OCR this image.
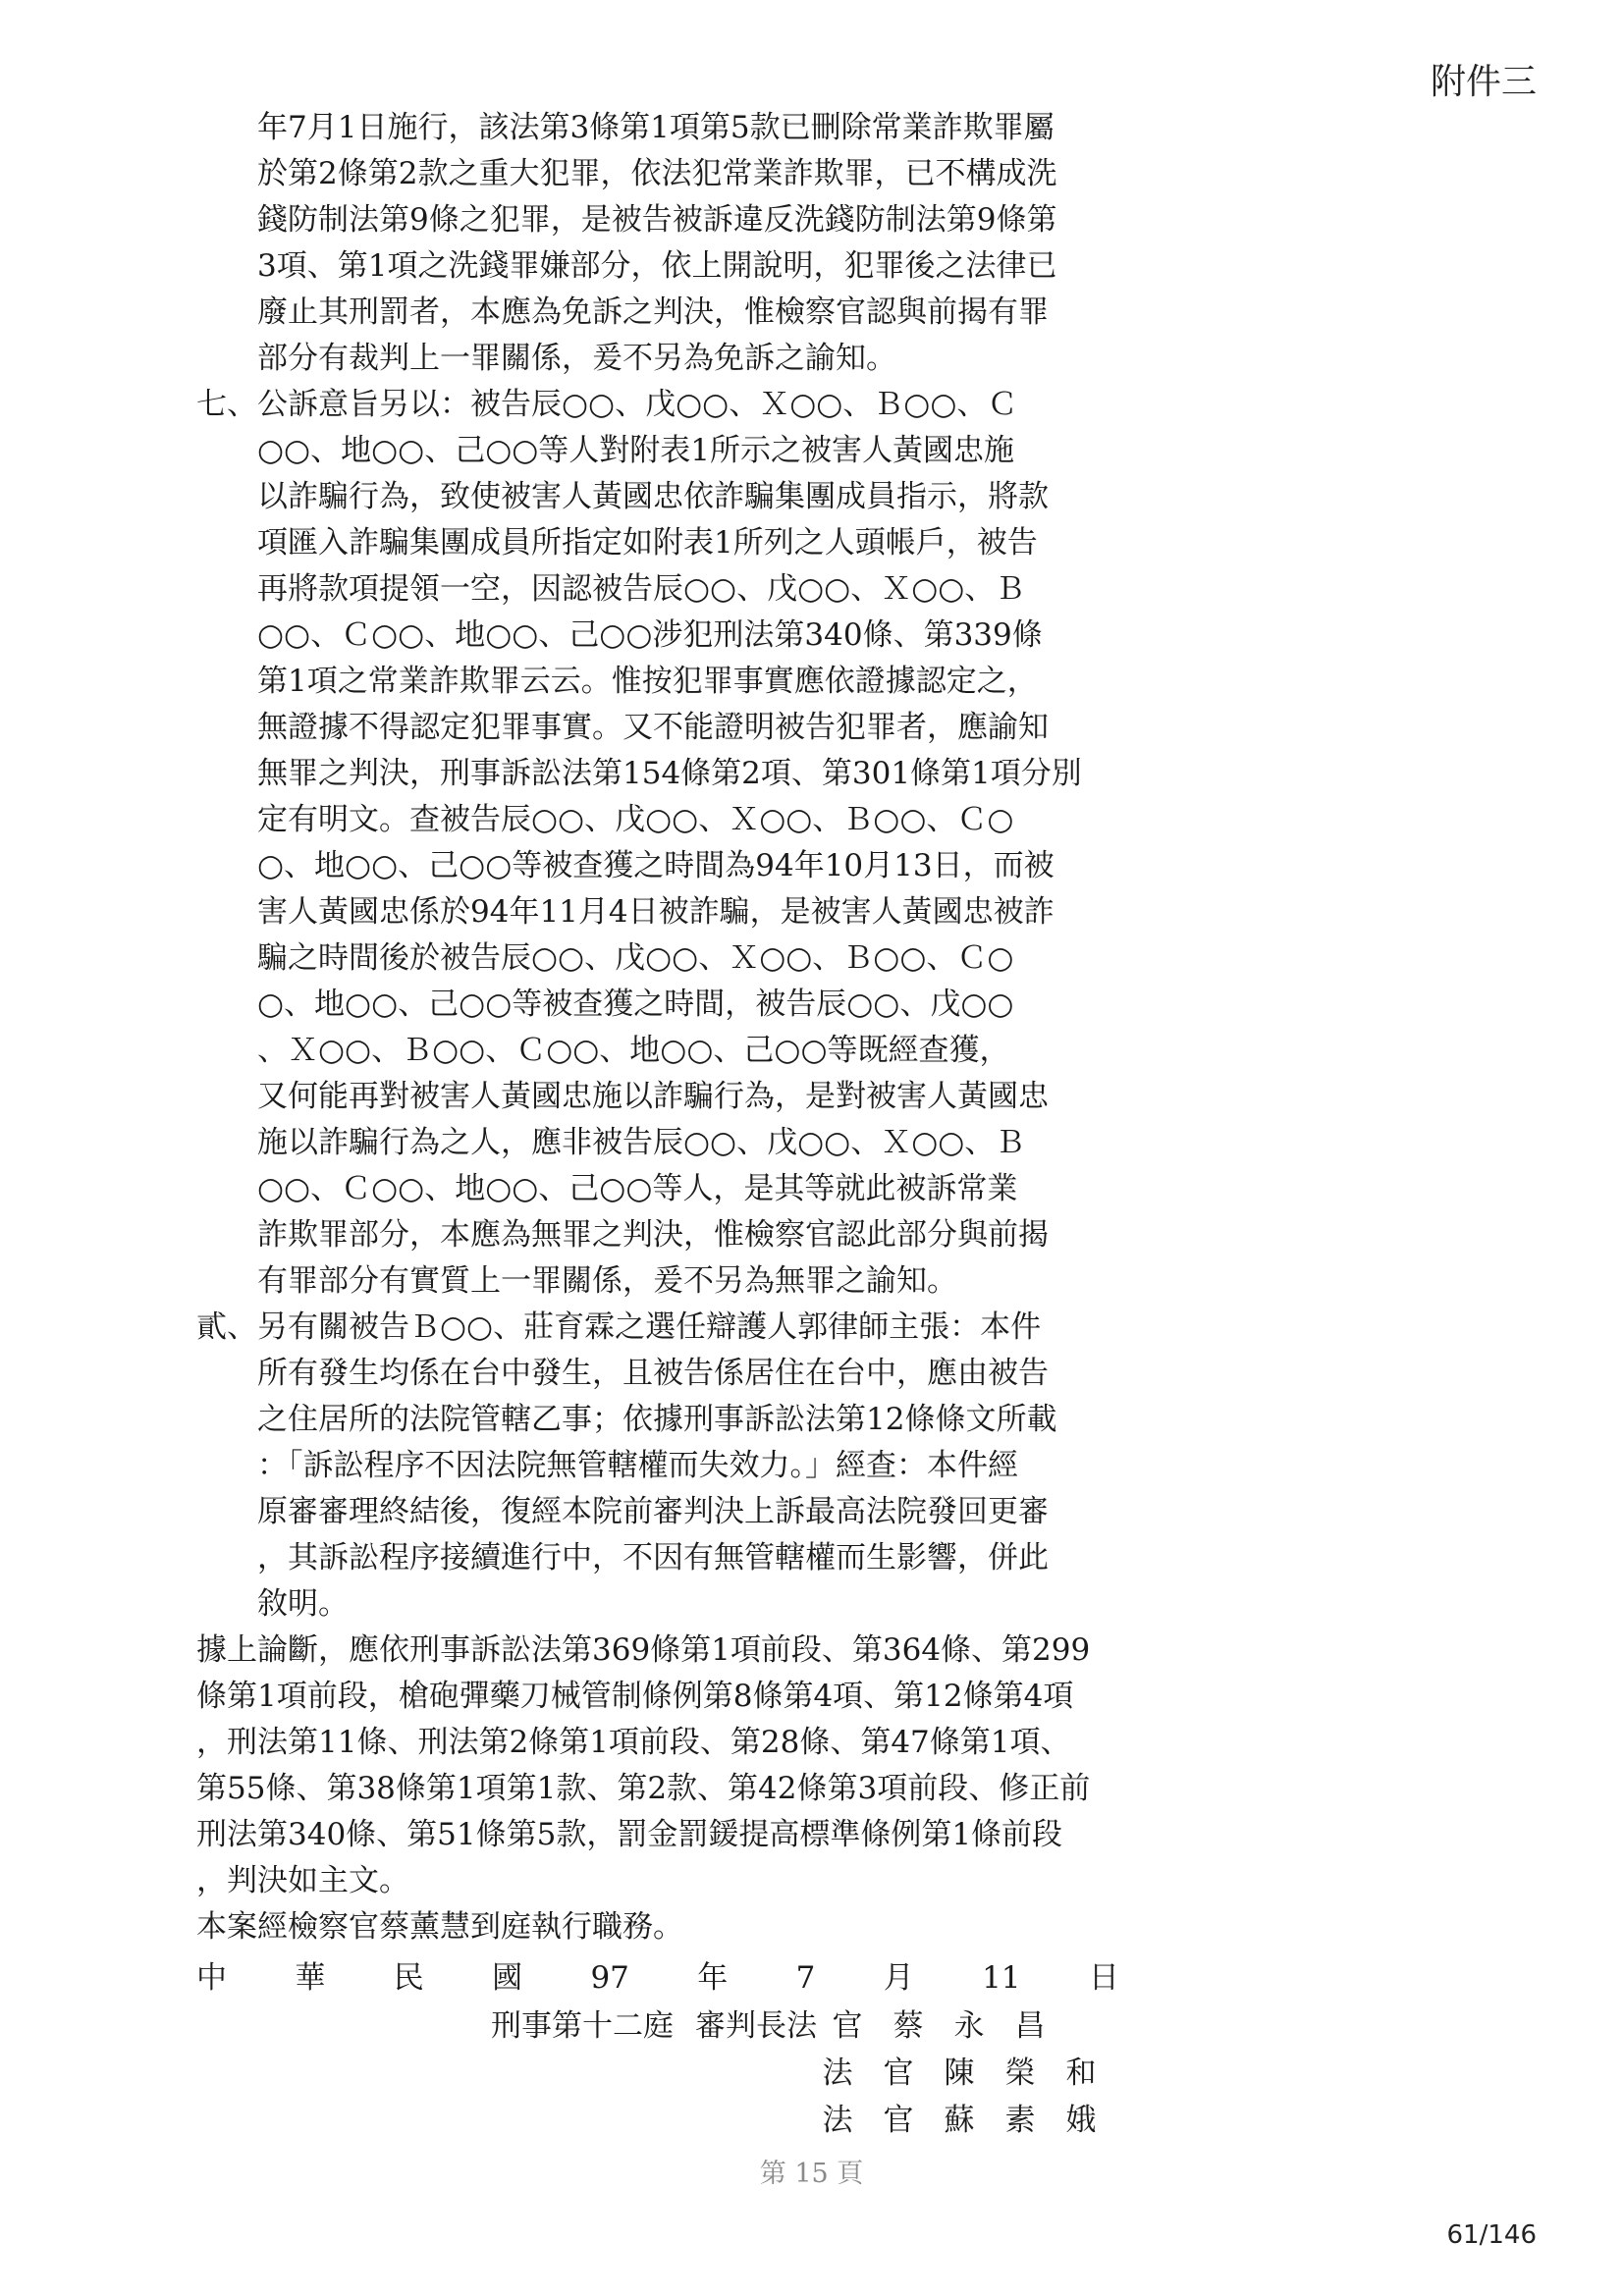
附件三
年7月1日施行，該法第3條第1項第5款已刪除常業詐欺罪屬
於第2條第2款之重大犯罪，依法犯常業詐欺罪，已不構成洗
錢防制法第9條之犯罪，是被告被訴違反洗錢防制法第9條第
3項、第1項之洗錢罪嫌部分，依上開說明，犯罪後之法律已
廢止其刑罰者，本應為免訴之判決，惟檢察官認與前揭有罪
部分有裁判上一罪關係，爰不另為免訴之諭知。
七、 公訴意旨另以：被告辰○○、戊○○、Ｘ○○、Ｂ○○、Ｃ
○○、地○○、己○○等人對附表1所示之被害人黃國忠施
以詐騙行為，致使被害人黃國忠依詐騙集團成員指示，將款
項匯入詐騙集團成員所指定如附表1所列之人頭帳戶，被告
再將款項提領一空，因認被告辰○○、戊○○、Ｘ○○、Ｂ
○○、Ｃ○○、地○○、己○○涉犯刑法第340條、第339條
第1項之常業詐欺罪云云。惟按犯罪事實應依證據認定之，
無證據不得認定犯罪事實。又不能證明被告犯罪者，應諭知
無罪之判決，刑事訴訟法第154條第2項、第301條第1項分別
定有明文。查被告辰○○、戊○○、Ｘ○○、Ｂ○○、Ｃ○
○、地○○、己○○等被查獲之時間為94年10月13日，而被
害人黃國忠係於94年11月4日被詐騙，是被害人黃國忠被詐
騙之時間後於被告辰○○、戊○○、Ｘ○○、Ｂ○○、Ｃ○
○、地○○、己○○等被查獲之時間，被告辰○○、戊○○
、Ｘ○○、Ｂ○○、Ｃ○○、地○○、己○○等既經查獲，
又何能再對被害人黃國忠施以詐騙行為，是對被害人黃國忠
施以詐騙行為之人，應非被告辰○○、戊○○、Ｘ○○、Ｂ
○○、Ｃ○○、地○○、己○○等人，是其等就此被訴常業
詐欺罪部分，本應為無罪之判決，惟檢察官認此部分與前揭
有罪部分有實質上一罪關係，爰不另為無罪之諭知。
貳、 另有關被告Ｂ○○、莊育霖之選任辯護人郭律師主張：本件
所有發生均係在台中發生，且被告係居住在台中，應由被告
之住居所的法院管轄乙事；依據刑事訴訟法第12條條文所載
：「訴訟程序不因法院無管轄權而失效力。」經查：本件經
原審審理終結後，復經本院前審判決上訴最高法院發回更審
，其訴訟程序接續進行中，不因有無管轄權而生影響，併此
敘明。
據上論斷，應依刑事訴訟法第369條第1項前段、第364條、第299
條第1項前段，槍砲彈藥刀械管制條例第8條第4項、第12條第4項
，刑法第11條、刑法第2條第1項前段、第28條、第47條第1項、
第55條、第38條第1項第1款、第2款、第42條第3項前段、修正前
刑法第340條、第51條第5款，罰金罰鍰提高標準條例第1條前段
，判決如主文。
本案經檢察官蔡薰慧到庭執行職務。
中 華 民 國 97 年 7 月 11 日
刑事第十二庭 審判長法 官	蔡	永	昌
法	官	陳	榮	和
法	官	蘇	素	娥
第 15 頁
61/146
